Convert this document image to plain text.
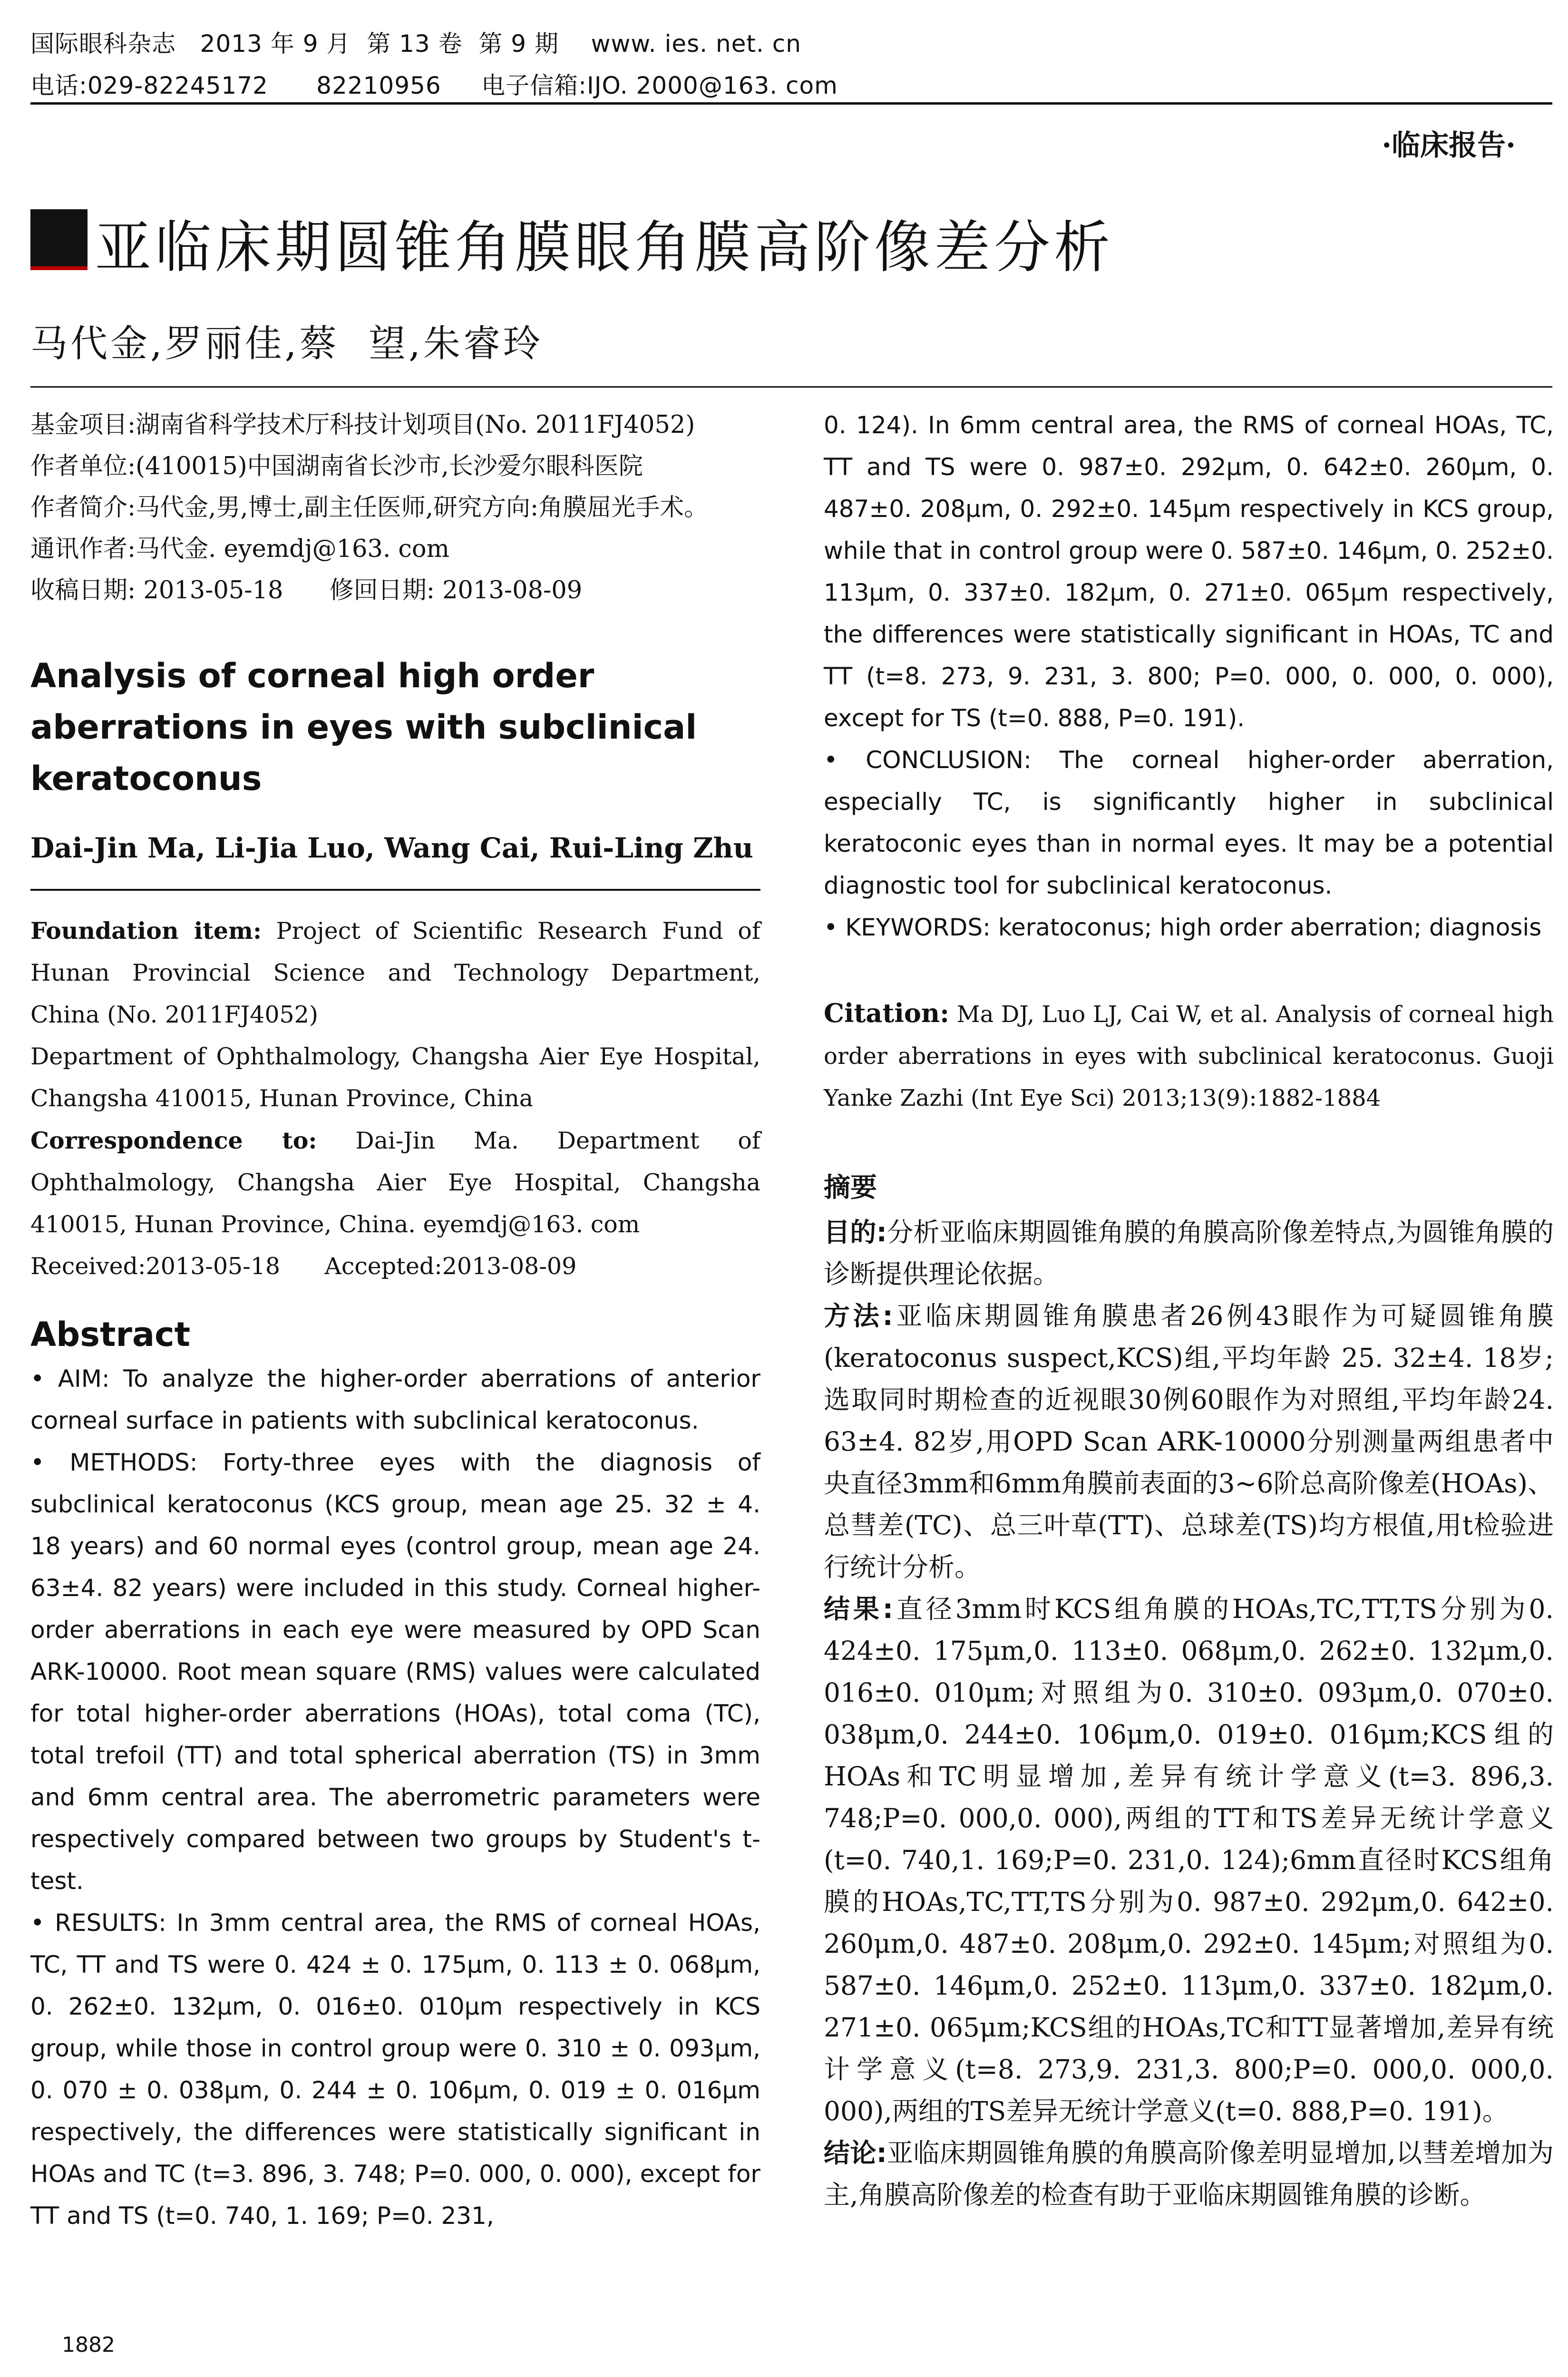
国际眼科杂志   2013 年 9 月  第 13 卷  第 9 期    www. ies. net. cn
电话:029-82245172      82210956     电子信箱:IJO. 2000@163. com
·临床报告·

亚临床期圆锥角膜眼角膜高阶像差分析
马代金,罗丽佳,蔡  望,朱睿玲

基金项目:湖南省科学技术厅科技计划项目(No. 2011FJ4052)

作者单位:(410015)中国湖南省长沙市,长沙爱尔眼科医院

作者简介:马代金,男,博士,副主任医师,研究方向:角膜屈光手术。

通讯作者:马代金. eyemdj@163. com

收稿日期: 2013-05-18      修回日期: 2013-08-09

Analysis of corneal high order aberrations in eyes with subclinical keratoconus
Dai-Jin Ma, Li-Jia Luo, Wang Cai, Rui-Ling Zhu

Foundation item: Project of Scientific Research Fund of Hunan Provincial Science and Technology Department, China (No. 2011FJ4052)

Department of Ophthalmology, Changsha Aier Eye Hospital, Changsha 410015, Hunan Province, China

Correspondence to: Dai-Jin Ma. Department of Ophthalmology, Changsha Aier Eye Hospital, Changsha 410015, Hunan Province, China. eyemdj@163. com

Received:2013-05-18      Accepted:2013-08-09

Abstract

• AIM: To analyze the higher-order aberrations of anterior corneal surface in patients with subclinical keratoconus.

• METHODS: Forty-three eyes with the diagnosis of subclinical keratoconus (KCS group, mean age 25. 32 ± 4. 18 years) and 60 normal eyes (control group, mean age 24. 63±4. 82 years) were included in this study. Corneal higher-order aberrations in each eye were measured by OPD Scan ARK-10000. Root mean square (RMS) values were calculated for total higher-order aberrations (HOAs), total coma (TC), total trefoil (TT) and total spherical aberration (TS) in 3mm and 6mm central area. The aberrometric parameters were respectively compared between two groups by Student's t-test.

• RESULTS: In 3mm central area, the RMS of corneal HOAs, TC, TT and TS were 0. 424 ± 0. 175μm, 0. 113 ± 0. 068μm, 0. 262±0. 132μm, 0. 016±0. 010μm respectively in KCS group, while those in control group were 0. 310 ± 0. 093μm, 0. 070 ± 0. 038μm, 0. 244 ± 0. 106μm, 0. 019 ± 0. 016μm respectively, the differences were statistically significant in HOAs and TC (t=3. 896, 3. 748; P=0. 000, 0. 000), except for TT and TS (t=0. 740, 1. 169; P=0. 231,

0. 124). In 6mm central area, the RMS of corneal HOAs, TC, TT and TS were 0. 987±0. 292μm, 0. 642±0. 260μm, 0. 487±0. 208μm, 0. 292±0. 145μm respectively in KCS group, while that in control group were 0. 587±0. 146μm, 0. 252±0. 113μm, 0. 337±0. 182μm, 0. 271±0. 065μm respectively, the differences were statistically significant in HOAs, TC and TT (t=8. 273, 9. 231, 3. 800; P=0. 000, 0. 000, 0. 000), except for TS (t=0. 888, P=0. 191).

• CONCLUSION: The corneal higher-order aberration, especially TC, is significantly higher in subclinical keratoconic eyes than in normal eyes. It may be a potential diagnostic tool for subclinical keratoconus.

• KEYWORDS: keratoconus; high order aberration; diagnosis

Citation: Ma DJ, Luo LJ, Cai W, et al. Analysis of corneal high order aberrations in eyes with subclinical keratoconus. Guoji Yanke Zazhi (Int Eye Sci) 2013;13(9):1882-1884
摘要

目的:分析亚临床期圆锥角膜的角膜高阶像差特点,为圆锥角膜的诊断提供理论依据。

方法:亚临床期圆锥角膜患者26例43眼作为可疑圆锥角膜(keratoconus suspect,KCS)组,平均年龄 25. 32±4. 18岁;选取同时期检查的近视眼30例60眼作为对照组,平均年龄24. 63±4. 82岁,用OPD Scan ARK-10000分别测量两组患者中央直径3mm和6mm角膜前表面的3~6阶总高阶像差(HOAs)、总彗差(TC)、总三叶草(TT)、总球差(TS)均方根值,用t检验进行统计分析。

结果:直径3mm时KCS组角膜的HOAs,TC,TT,TS分别为0. 424±0. 175μm,0. 113±0. 068μm,0. 262±0. 132μm,0. 016±0. 010μm;对照组为0. 310±0. 093μm,0. 070±0. 038μm,0. 244±0. 106μm,0. 019±0. 016μm;KCS组的HOAs和TC明显增加,差异有统计学意义(t=3. 896,3. 748;P=0. 000,0. 000),两组的TT和TS差异无统计学意义(t=0. 740,1. 169;P=0. 231,0. 124);6mm直径时KCS组角膜的HOAs,TC,TT,TS分别为0. 987±0. 292μm,0. 642±0. 260μm,0. 487±0. 208μm,0. 292±0. 145μm;对照组为0. 587±0. 146μm,0. 252±0. 113μm,0. 337±0. 182μm,0. 271±0. 065μm;KCS组的HOAs,TC和TT显著增加,差异有统计学意义(t=8. 273,9. 231,3. 800;P=0. 000,0. 000,0. 000),两组的TS差异无统计学意义(t=0. 888,P=0. 191)。

结论:亚临床期圆锥角膜的角膜高阶像差明显增加,以彗差增加为主,角膜高阶像差的检查有助于亚临床期圆锥角膜的诊断。

1882
